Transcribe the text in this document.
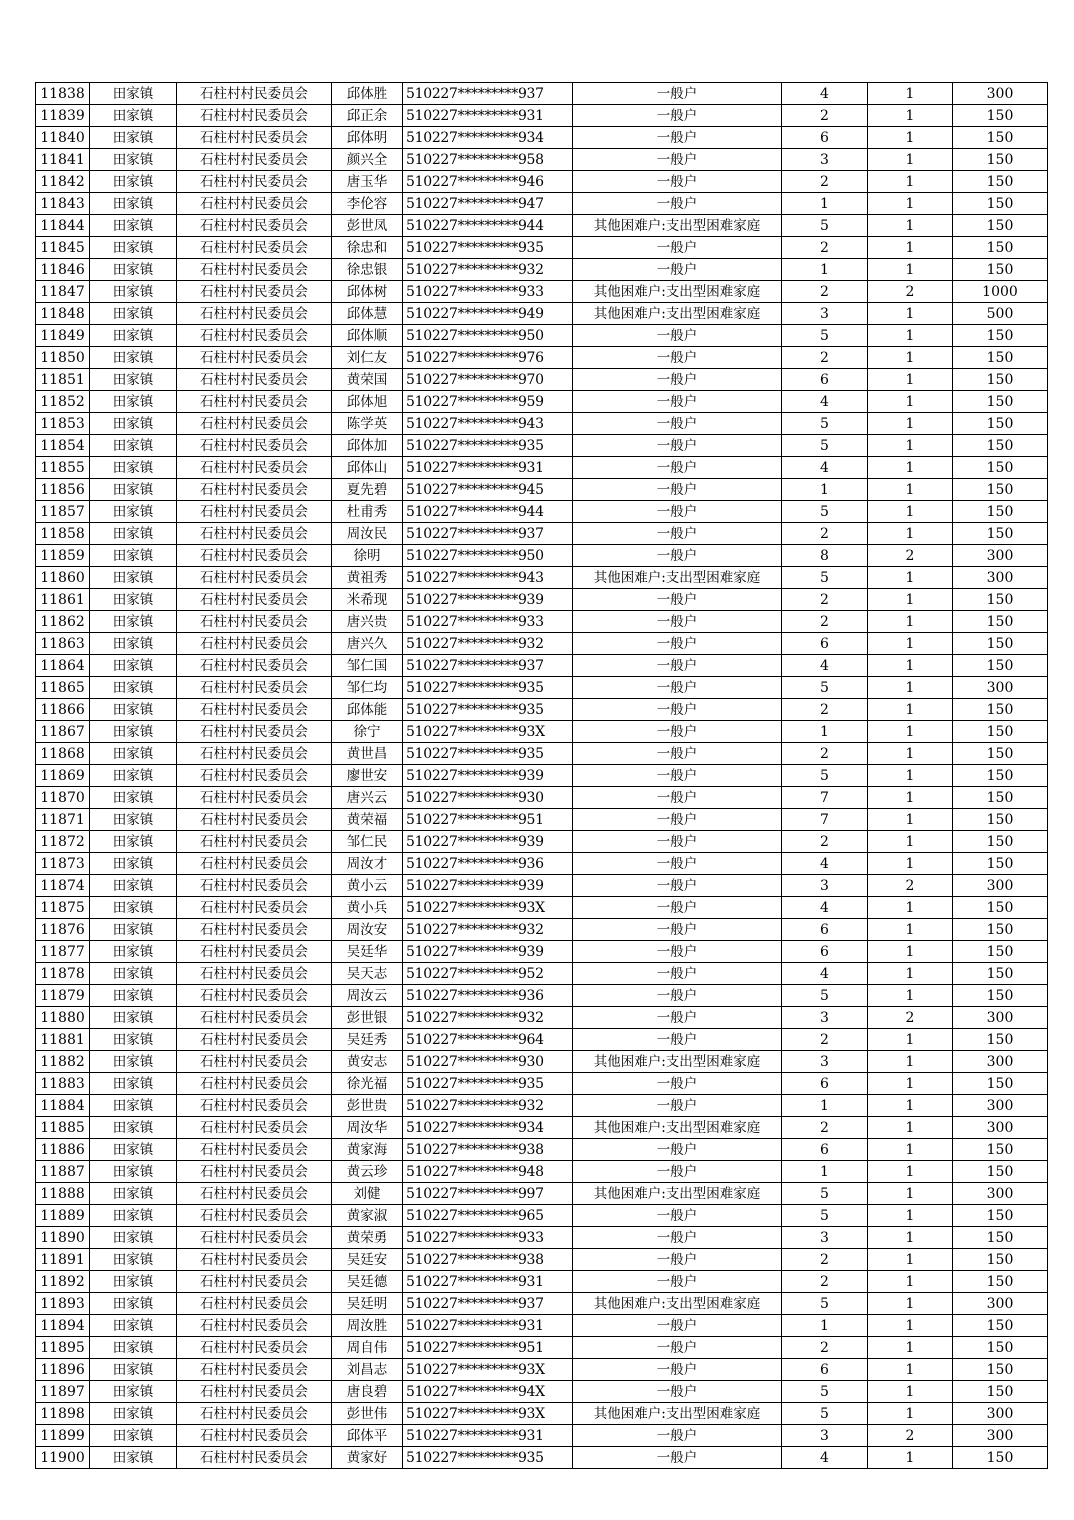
11838	田家镇	石柱村村民委员会	邱体胜	510227*********937	一般户	4	1	300
11839	田家镇	石柱村村民委员会	邱正余	510227*********931	一般户	2	1	150
11840	田家镇	石柱村村民委员会	邱体明	510227*********934	一般户	6	1	150
11841	田家镇	石柱村村民委员会	颜兴全	510227*********958	一般户	3	1	150
11842	田家镇	石柱村村民委员会	唐玉华	510227*********946	一般户	2	1	150
11843	田家镇	石柱村村民委员会	李伦容	510227*********947	一般户	1	1	150
11844	田家镇	石柱村村民委员会	彭世凤	510227*********944	其他困难户:支出型困难家庭	5	1	150
11845	田家镇	石柱村村民委员会	徐忠和	510227*********935	一般户	2	1	150
11846	田家镇	石柱村村民委员会	徐忠银	510227*********932	一般户	1	1	150
11847	田家镇	石柱村村民委员会	邱体树	510227*********933	其他困难户:支出型困难家庭	2	2	1000
11848	田家镇	石柱村村民委员会	邱体慧	510227*********949	其他困难户:支出型困难家庭	3	1	500
11849	田家镇	石柱村村民委员会	邱体顺	510227*********950	一般户	5	1	150
11850	田家镇	石柱村村民委员会	刘仁友	510227*********976	一般户	2	1	150
11851	田家镇	石柱村村民委员会	黄荣国	510227*********970	一般户	6	1	150
11852	田家镇	石柱村村民委员会	邱体旭	510227*********959	一般户	4	1	150
11853	田家镇	石柱村村民委员会	陈学英	510227*********943	一般户	5	1	150
11854	田家镇	石柱村村民委员会	邱体加	510227*********935	一般户	5	1	150
11855	田家镇	石柱村村民委员会	邱体山	510227*********931	一般户	4	1	150
11856	田家镇	石柱村村民委员会	夏先碧	510227*********945	一般户	1	1	150
11857	田家镇	石柱村村民委员会	杜甫秀	510227*********944	一般户	5	1	150
11858	田家镇	石柱村村民委员会	周汝民	510227*********937	一般户	2	1	150
11859	田家镇	石柱村村民委员会	徐明	510227*********950	一般户	8	2	300
11860	田家镇	石柱村村民委员会	黄祖秀	510227*********943	其他困难户:支出型困难家庭	5	1	300
11861	田家镇	石柱村村民委员会	米希现	510227*********939	一般户	2	1	150
11862	田家镇	石柱村村民委员会	唐兴贵	510227*********933	一般户	2	1	150
11863	田家镇	石柱村村民委员会	唐兴久	510227*********932	一般户	6	1	150
11864	田家镇	石柱村村民委员会	邹仁国	510227*********937	一般户	4	1	150
11865	田家镇	石柱村村民委员会	邹仁均	510227*********935	一般户	5	1	300
11866	田家镇	石柱村村民委员会	邱体能	510227*********935	一般户	2	1	150
11867	田家镇	石柱村村民委员会	徐宁	510227*********93X	一般户	1	1	150
11868	田家镇	石柱村村民委员会	黄世昌	510227*********935	一般户	2	1	150
11869	田家镇	石柱村村民委员会	廖世安	510227*********939	一般户	5	1	150
11870	田家镇	石柱村村民委员会	唐兴云	510227*********930	一般户	7	1	150
11871	田家镇	石柱村村民委员会	黄荣福	510227*********951	一般户	7	1	150
11872	田家镇	石柱村村民委员会	邹仁民	510227*********939	一般户	2	1	150
11873	田家镇	石柱村村民委员会	周汝才	510227*********936	一般户	4	1	150
11874	田家镇	石柱村村民委员会	黄小云	510227*********939	一般户	3	2	300
11875	田家镇	石柱村村民委员会	黄小兵	510227*********93X	一般户	4	1	150
11876	田家镇	石柱村村民委员会	周汝安	510227*********932	一般户	6	1	150
11877	田家镇	石柱村村民委员会	吴廷华	510227*********939	一般户	6	1	150
11878	田家镇	石柱村村民委员会	吴天志	510227*********952	一般户	4	1	150
11879	田家镇	石柱村村民委员会	周汝云	510227*********936	一般户	5	1	150
11880	田家镇	石柱村村民委员会	彭世银	510227*********932	一般户	3	2	300
11881	田家镇	石柱村村民委员会	吴廷秀	510227*********964	一般户	2	1	150
11882	田家镇	石柱村村民委员会	黄安志	510227*********930	其他困难户:支出型困难家庭	3	1	300
11883	田家镇	石柱村村民委员会	徐光福	510227*********935	一般户	6	1	150
11884	田家镇	石柱村村民委员会	彭世贵	510227*********932	一般户	1	1	300
11885	田家镇	石柱村村民委员会	周汝华	510227*********934	其他困难户:支出型困难家庭	2	1	300
11886	田家镇	石柱村村民委员会	黄家海	510227*********938	一般户	6	1	150
11887	田家镇	石柱村村民委员会	黄云珍	510227*********948	一般户	1	1	150
11888	田家镇	石柱村村民委员会	刘健	510227*********997	其他困难户:支出型困难家庭	5	1	300
11889	田家镇	石柱村村民委员会	黄家淑	510227*********965	一般户	5	1	150
11890	田家镇	石柱村村民委员会	黄荣勇	510227*********933	一般户	3	1	150
11891	田家镇	石柱村村民委员会	吴廷安	510227*********938	一般户	2	1	150
11892	田家镇	石柱村村民委员会	吴廷德	510227*********931	一般户	2	1	150
11893	田家镇	石柱村村民委员会	吴廷明	510227*********937	其他困难户:支出型困难家庭	5	1	300
11894	田家镇	石柱村村民委员会	周汝胜	510227*********931	一般户	1	1	150
11895	田家镇	石柱村村民委员会	周自伟	510227*********951	一般户	2	1	150
11896	田家镇	石柱村村民委员会	刘昌志	510227*********93X	一般户	6	1	150
11897	田家镇	石柱村村民委员会	唐良碧	510227*********94X	一般户	5	1	150
11898	田家镇	石柱村村民委员会	彭世伟	510227*********93X	其他困难户:支出型困难家庭	5	1	300
11899	田家镇	石柱村村民委员会	邱体平	510227*********931	一般户	3	2	300
11900	田家镇	石柱村村民委员会	黄家好	510227*********935	一般户	4	1	150
